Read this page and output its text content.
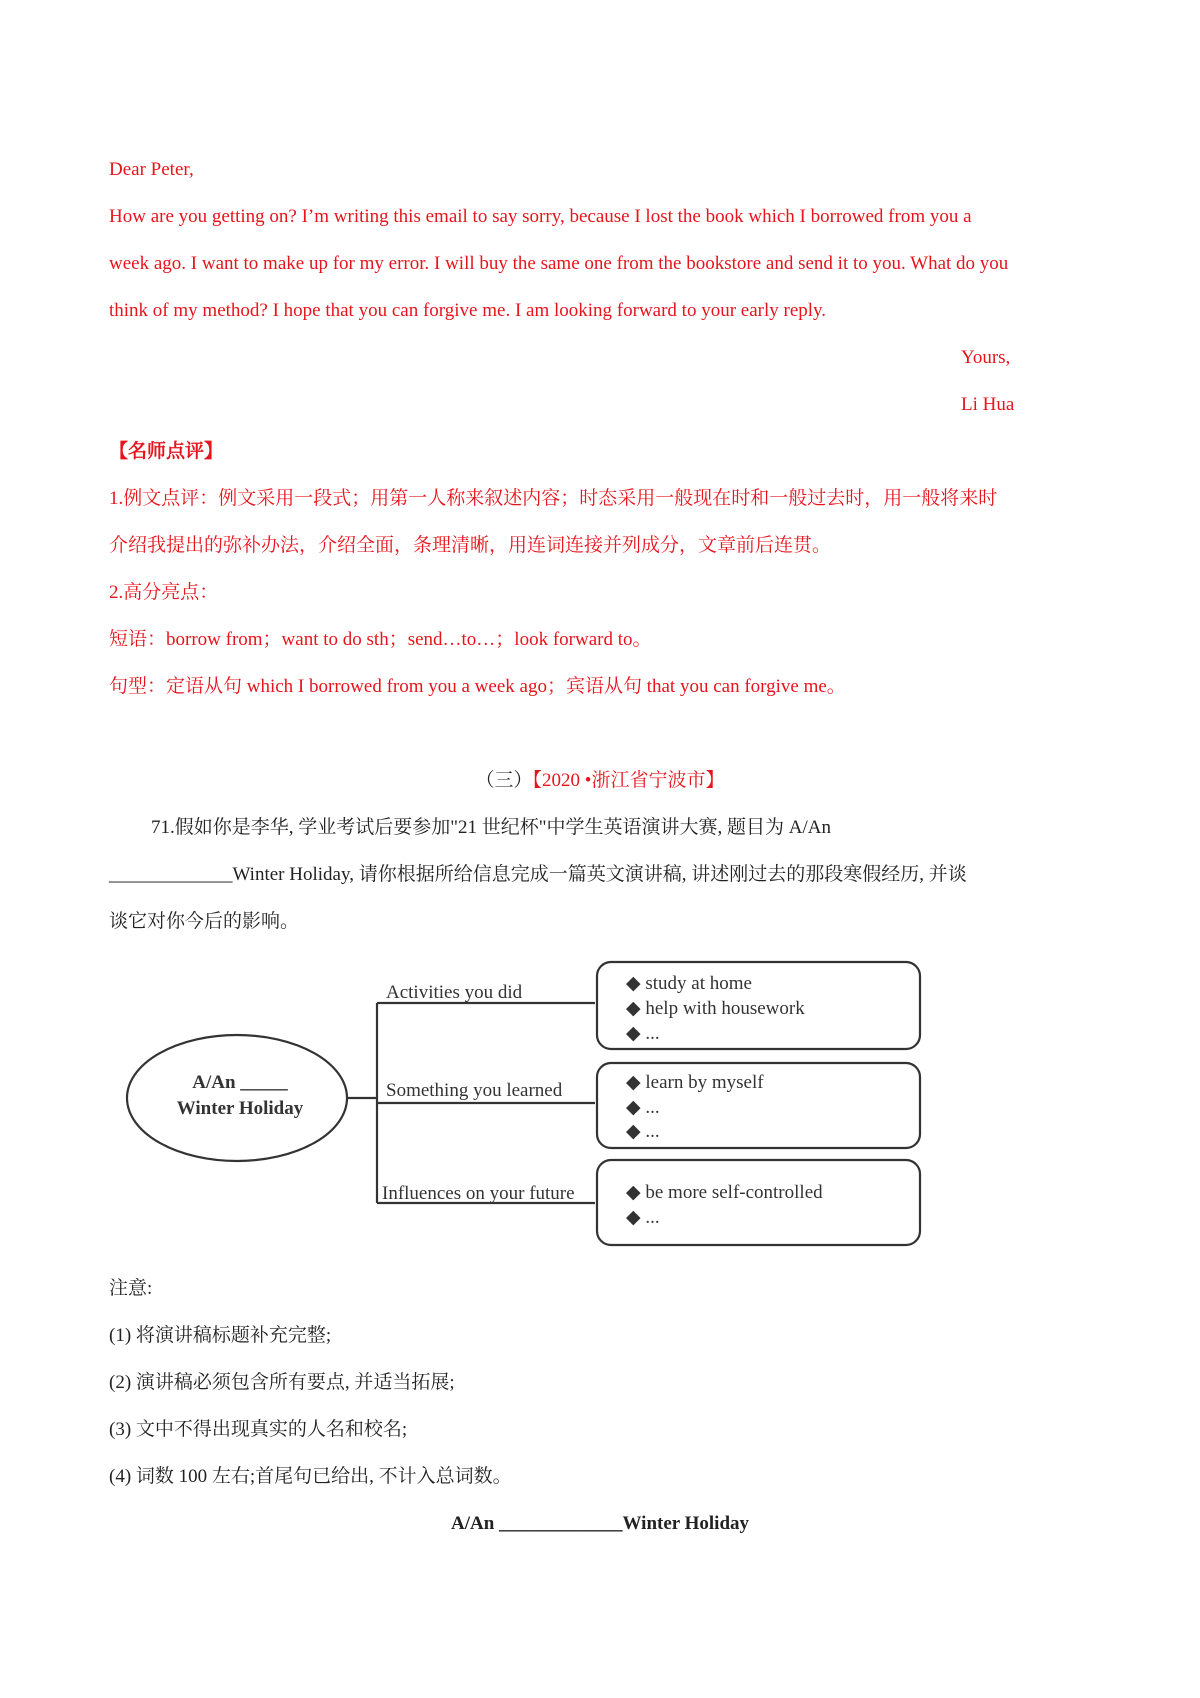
Dear Peter,
How are you getting on? I’m writing this email to say sorry, because I lost the book which I borrowed from you a
week ago. I want to make up for my error. I will buy the same one from the bookstore and send it to you. What do you
think of my method? I hope that you can forgive me. I am looking forward to your early reply.
Yours,
Li Hua
【名师点评】
1.例文点评：例文采用一段式；用第一人称来叙述内容；时态采用一般现在时和一般过去时，用一般将来时
介绍我提出的弥补办法，介绍全面，条理清晰，用连词连接并列成分，文章前后连贯。
2.高分亮点：
短语：borrow from；want to do sth；send…to…；look forward to。
句型：定语从句 which I borrowed from you a week ago；宾语从句 that you can forgive me。
（三）【2020 •浙江省宁波市】
71.假如你是李华, 学业考试后要参加"21 世纪杯"中学生英语演讲大赛, 题目为 A/An
_____________Winter Holiday, 请你根据所给信息完成一篇英文演讲稿, 讲述刚过去的那段寒假经历, 并谈
谈它对你今后的影响。
A/An _____
Winter Holiday
Activities you did
Something you learned
Influences on your future
◆ study at home
◆ help with housework
◆ ...
◆ learn by myself
◆ ...
◆ ...
◆ be more self-controlled
◆ ...
注意:
(1) 将演讲稿标题补充完整;
(2) 演讲稿必须包含所有要点, 并适当拓展;
(3) 文中不得出现真实的人名和校名;
(4) 词数 100 左右;首尾句已给出, 不计入总词数。
A/An _____________Winter Holiday
